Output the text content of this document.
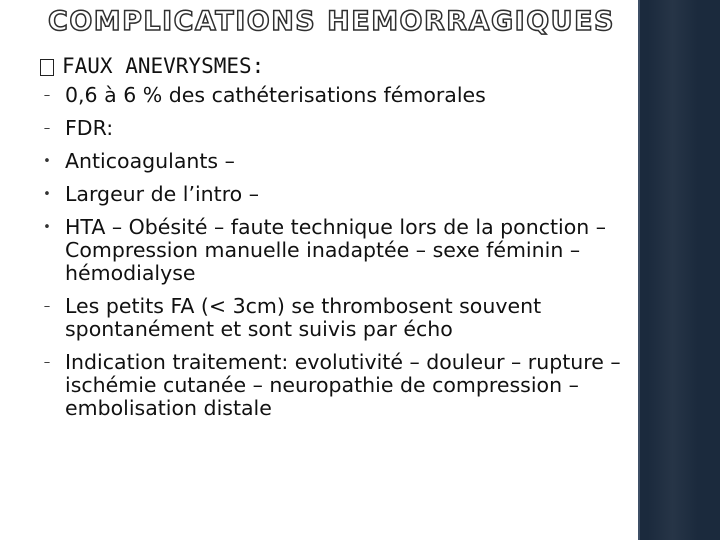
COMPLICATIONS HEMORRAGIQUES
FAUX ANEVRYSMES:
– 0,6 à 6 % des cathéterisations fémorales
– FDR:
• Anticoagulants –
• Largeur de l’intro –
• HTA – Obésité – faute technique lors de la ponction – Compression manuelle inadaptée – sexe féminin – hémodialyse
– Les petits FA (< 3cm) se thrombosent souvent spontanément et sont suivis par écho
– Indication traitement: evolutivité – douleur – rupture – ischémie cutanée – neuropathie de compression – embolisation distale
